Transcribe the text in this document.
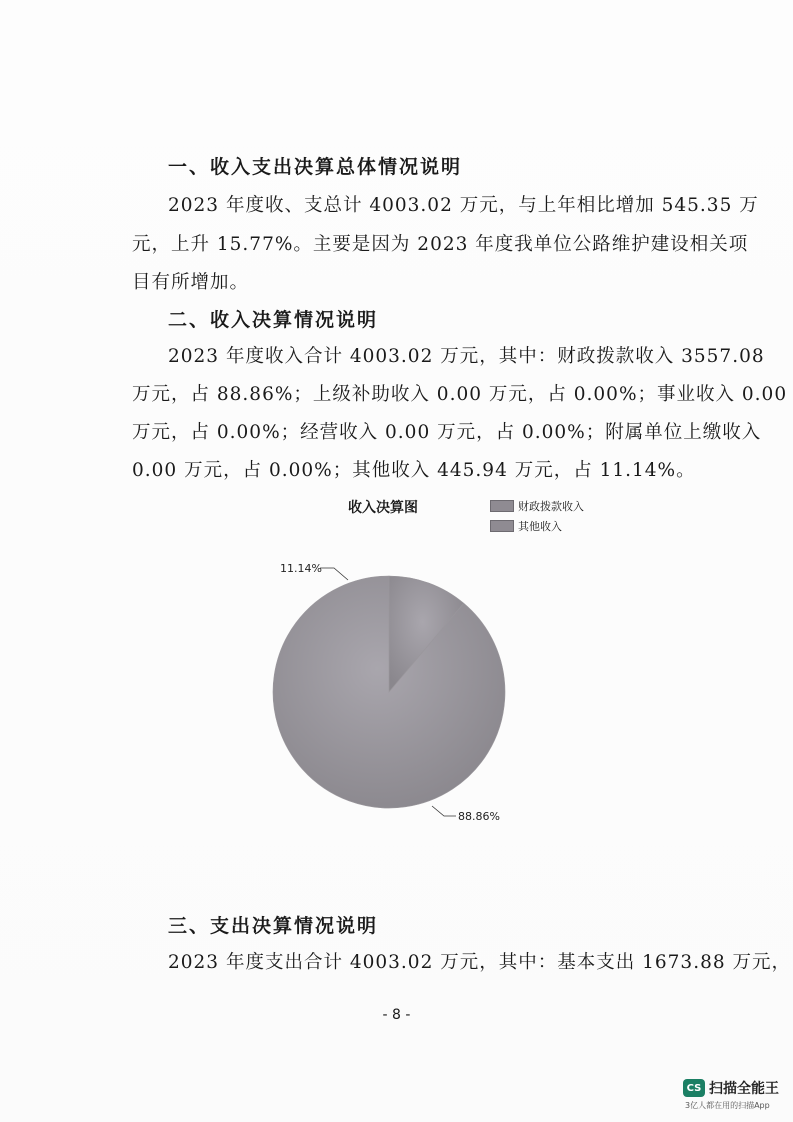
一、收入支出决算总体情况说明
2023 年度收、支总计 4003.02 万元，与上年相比增加 545.35 万
元，上升 15.77%。主要是因为 2023 年度我单位公路维护建设相关项
目有所增加。
二、收入决算情况说明
2023 年度收入合计 4003.02 万元，其中：财政拨款收入 3557.08
万元，占 88.86%；上级补助收入 0.00 万元，占 0.00%；事业收入 0.00
万元，占 0.00%；经营收入 0.00 万元，占 0.00%；附属单位上缴收入
0.00 万元，占 0.00%；其他收入 445.94 万元，占 11.14%。
收入决算图	财政拨款收入
其他收入
11.14%
88.86%
三、支出决算情况说明
2023 年度支出合计 4003.02 万元，其中：基本支出 1673.88 万元，
- 8 -
CS 扫描全能王
3亿人都在用的扫描App
